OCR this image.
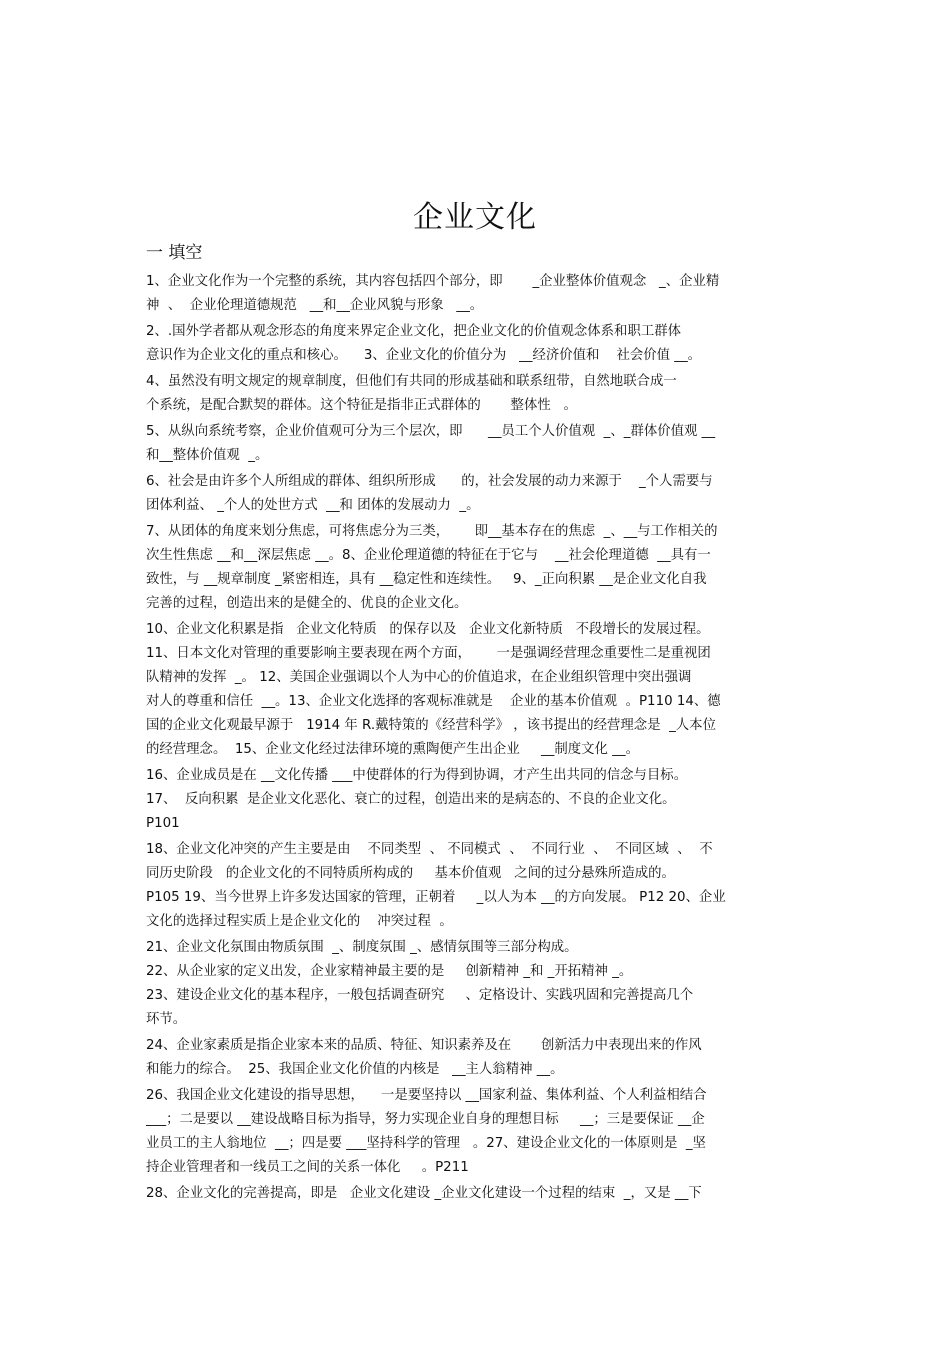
企业文化
一 填空
1、企业文化作为一个完整的系统，其内容包括四个部分，即       _企业整体价值观念   _、企业精
神  、  企业伦理道德规范   __和__企业风貌与形象   __。
2、.国外学者都从观念形态的角度来界定企业文化，把企业文化的价值观念体系和职工群体
意识作为企业文化的重点和核心。    3、企业文化的价值分为   __经济价值和    社会价值 __。
4、虽然没有明文规定的规章制度，但他们有共同的形成基础和联系纽带，自然地联合成一
个系统，是配合默契的群体。这个特征是指非正式群体的       整体性   。
5、从纵向系统考察，企业价值观可分为三个层次，即      __员工个人价值观  _、_群体价值观 __
和__整体价值观  _。
6、社会是由许多个人所组成的群体、组织所形成      的，社会发展的动力来源于    _个人需要与
团体利益、 _个人的处世方式  __和 团体的发展动力  _。
7、从团体的角度来划分焦虑，可将焦虑分为三类，      即__基本存在的焦虑  _、__与工作相关的
次生性焦虑 __和__深层焦虑 __。8、企业伦理道德的特征在于它与    __社会伦理道德  __具有一
致性，与 __规章制度 _紧密相连，具有 __稳定性和连续性。   9、_正向积累 __是企业文化自我
完善的过程，创造出来的是健全的、优良的企业文化。
10、企业文化积累是指   企业文化特质   的保存以及   企业文化新特质   不段增长的发展过程。
11、日本文化对管理的重要影响主要表现在两个方面，      一是强调经营理念重要性二是重视团
队精神的发挥  _。 12、美国企业强调以个人为中心的价值追求，在企业组织管理中突出强调
对人的尊重和信任  __。13、企业文化选择的客观标准就是    企业的基本价值观  。P110 14、德
国的企业文化观最早源于   1914 年 R.戴特策的《经营科学》 ，该书提出的经营理念是  _人本位
的经营理念。  15、企业文化经过法律环境的熏陶便产生出企业     __制度文化 __。
16、企业成员是在 __文化传播 ___中使群体的行为得到协调，才产生出共同的信念与目标。
17、  反向积累  是企业文化恶化、衰亡的过程，创造出来的是病态的、不良的企业文化。
P101
18、企业文化冲突的产生主要是由    不同类型  、 不同模式  、  不同行业  、  不同区域  、  不
同历史阶段   的企业文化的不同特质所构成的     基本价值观   之间的过分悬殊所造成的。
P105 19、当今世界上许多发达国家的管理，正朝着     _以人为本 __的方向发展。 P12 20、企业
文化的选择过程实质上是企业文化的    冲突过程  。
21、企业文化氛围由物质氛围  _、制度氛围 _、感情氛围等三部分构成。
22、从企业家的定义出发，企业家精神最主要的是     创新精神 _和 _开拓精神 _。
23、建设企业文化的基本程序，一般包括调查研究     、定格设计、实践巩固和完善提高几个
环节。
24、企业家素质是指企业家本来的品质、特征、知识素养及在       创新活力中表现出来的作风
和能力的综合。  25、我国企业文化价值的内核是   __主人翁精神 __。
26、我国企业文化建设的指导思想，    一是要坚持以 __国家利益、集体利益、个人利益相结合
___；二是要以 __建设战略目标为指导，努力实现企业自身的理想目标     __；三是要保证 __企
业员工的主人翁地位  __；四是要 ___坚持科学的管理   。27、建设企业文化的一体原则是  _坚
持企业管理者和一线员工之间的关系一体化     。P211
28、企业文化的完善提高，即是   企业文化建设 _企业文化建设一个过程的结束  _，又是 __下
